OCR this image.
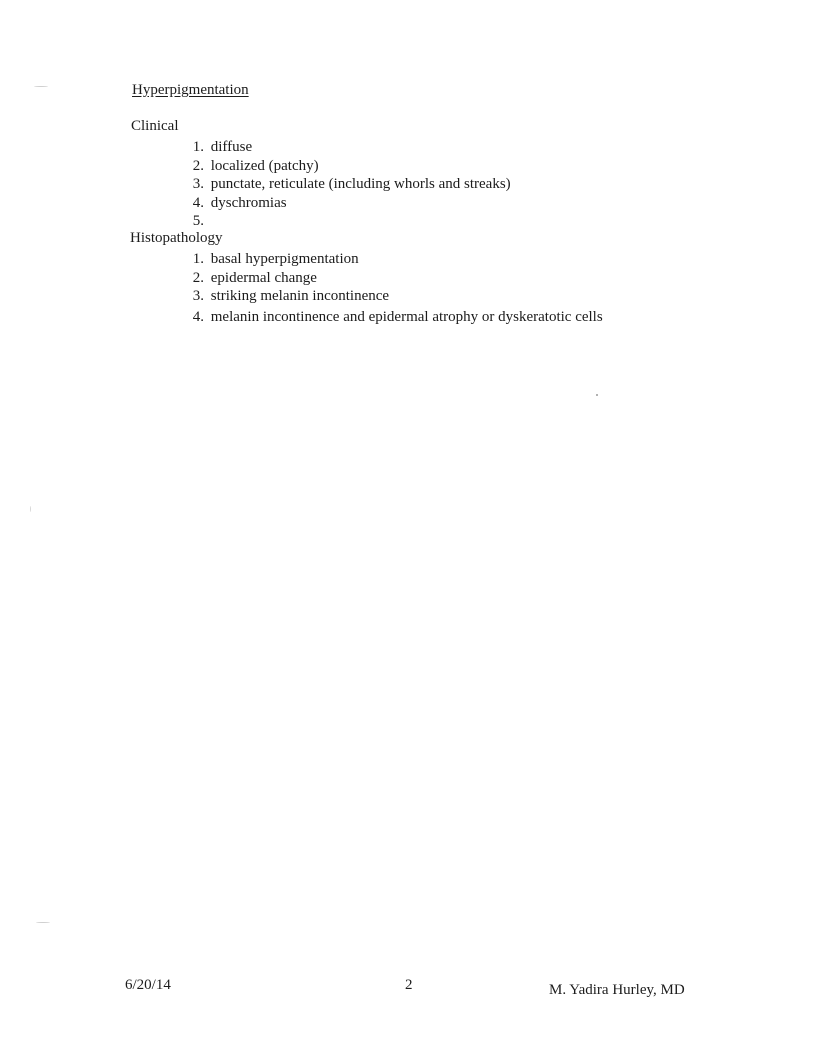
Hyperpigmentation
Clinical
1. diffuse
2. localized (patchy)
3. punctate, reticulate (including whorls and streaks)
4. dyschromias
5.
Histopathology
1. basal hyperpigmentation
2. epidermal change
3. striking melanin incontinence
4. melanin incontinence and epidermal atrophy or dyskeratotic cells
6/20/14	2	M. Yadira Hurley, MD
